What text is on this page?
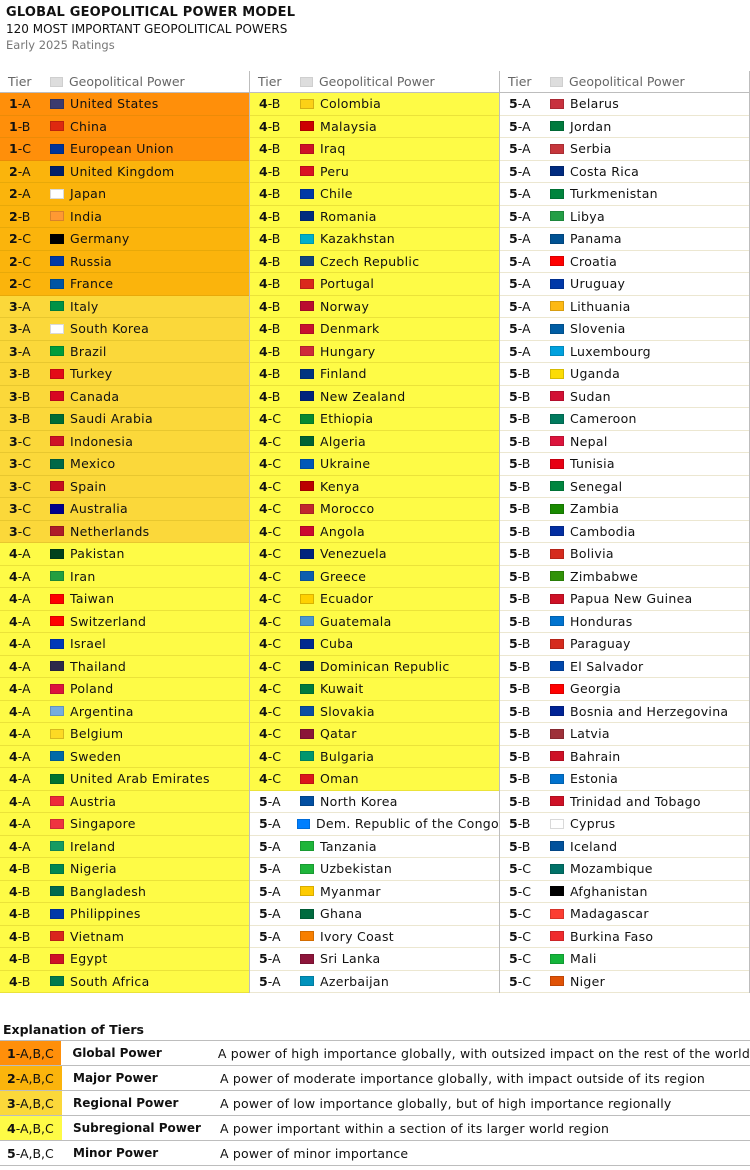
GLOBAL GEOPOLITICAL POWER MODEL
120 MOST IMPORTANT GEOPOLITICAL POWERS
Early 2025 Ratings
Tier	Geopolitical Power
1-A	United States
1-B	China
1-C	European Union
2-A	United Kingdom
2-A	Japan
2-B	India
2-C	Germany
2-C	Russia
2-C	France
3-A	Italy
3-A	South Korea
3-A	Brazil
3-B	Turkey
3-B	Canada
3-B	Saudi Arabia
3-C	Indonesia
3-C	Mexico
3-C	Spain
3-C	Australia
3-C	Netherlands
4-A	Pakistan
4-A	Iran
4-A	Taiwan
4-A	Switzerland
4-A	Israel
4-A	Thailand
4-A	Poland
4-A	Argentina
4-A	Belgium
4-A	Sweden
4-A	United Arab Emirates
4-A	Austria
4-A	Singapore
4-A	Ireland
4-B	Nigeria
4-B	Bangladesh
4-B	Philippines
4-B	Vietnam
4-B	Egypt
4-B	South Africa
Tier	Geopolitical Power
4-B	Colombia
4-B	Malaysia
4-B	Iraq
4-B	Peru
4-B	Chile
4-B	Romania
4-B	Kazakhstan
4-B	Czech Republic
4-B	Portugal
4-B	Norway
4-B	Denmark
4-B	Hungary
4-B	Finland
4-B	New Zealand
4-C	Ethiopia
4-C	Algeria
4-C	Ukraine
4-C	Kenya
4-C	Morocco
4-C	Angola
4-C	Venezuela
4-C	Greece
4-C	Ecuador
4-C	Guatemala
4-C	Cuba
4-C	Dominican Republic
4-C	Kuwait
4-C	Slovakia
4-C	Qatar
4-C	Bulgaria
4-C	Oman
5-A	North Korea
5-A	Dem. Republic of the Congo
5-A	Tanzania
5-A	Uzbekistan
5-A	Myanmar
5-A	Ghana
5-A	Ivory Coast
5-A	Sri Lanka
5-A	Azerbaijan
Tier	Geopolitical Power
5-A	Belarus
5-A	Jordan
5-A	Serbia
5-A	Costa Rica
5-A	Turkmenistan
5-A	Libya
5-A	Panama
5-A	Croatia
5-A	Uruguay
5-A	Lithuania
5-A	Slovenia
5-A	Luxembourg
5-B	Uganda
5-B	Sudan
5-B	Cameroon
5-B	Nepal
5-B	Tunisia
5-B	Senegal
5-B	Zambia
5-B	Cambodia
5-B	Bolivia
5-B	Zimbabwe
5-B	Papua New Guinea
5-B	Honduras
5-B	Paraguay
5-B	El Salvador
5-B	Georgia
5-B	Bosnia and Herzegovina
5-B	Latvia
5-B	Bahrain
5-B	Estonia
5-B	Trinidad and Tobago
5-B	Cyprus
5-B	Iceland
5-C	Mozambique
5-C	Afghanistan
5-C	Madagascar
5-C	Burkina Faso
5-C	Mali
5-C	Niger
Explanation of Tiers
1 -A,B,C	Global Power	A power of high importance globally, with outsized impact on the rest of the world
2 -A,B,C	Major Power	A power of moderate importance globally, with impact outside of its region
3 -A,B,C	Regional Power	A power of low importance globally, but of high importance regionally
4 -A,B,C	Subregional Power	A power important within a section of its larger world region
5 -A,B,C	Minor Power	A power of minor importance
